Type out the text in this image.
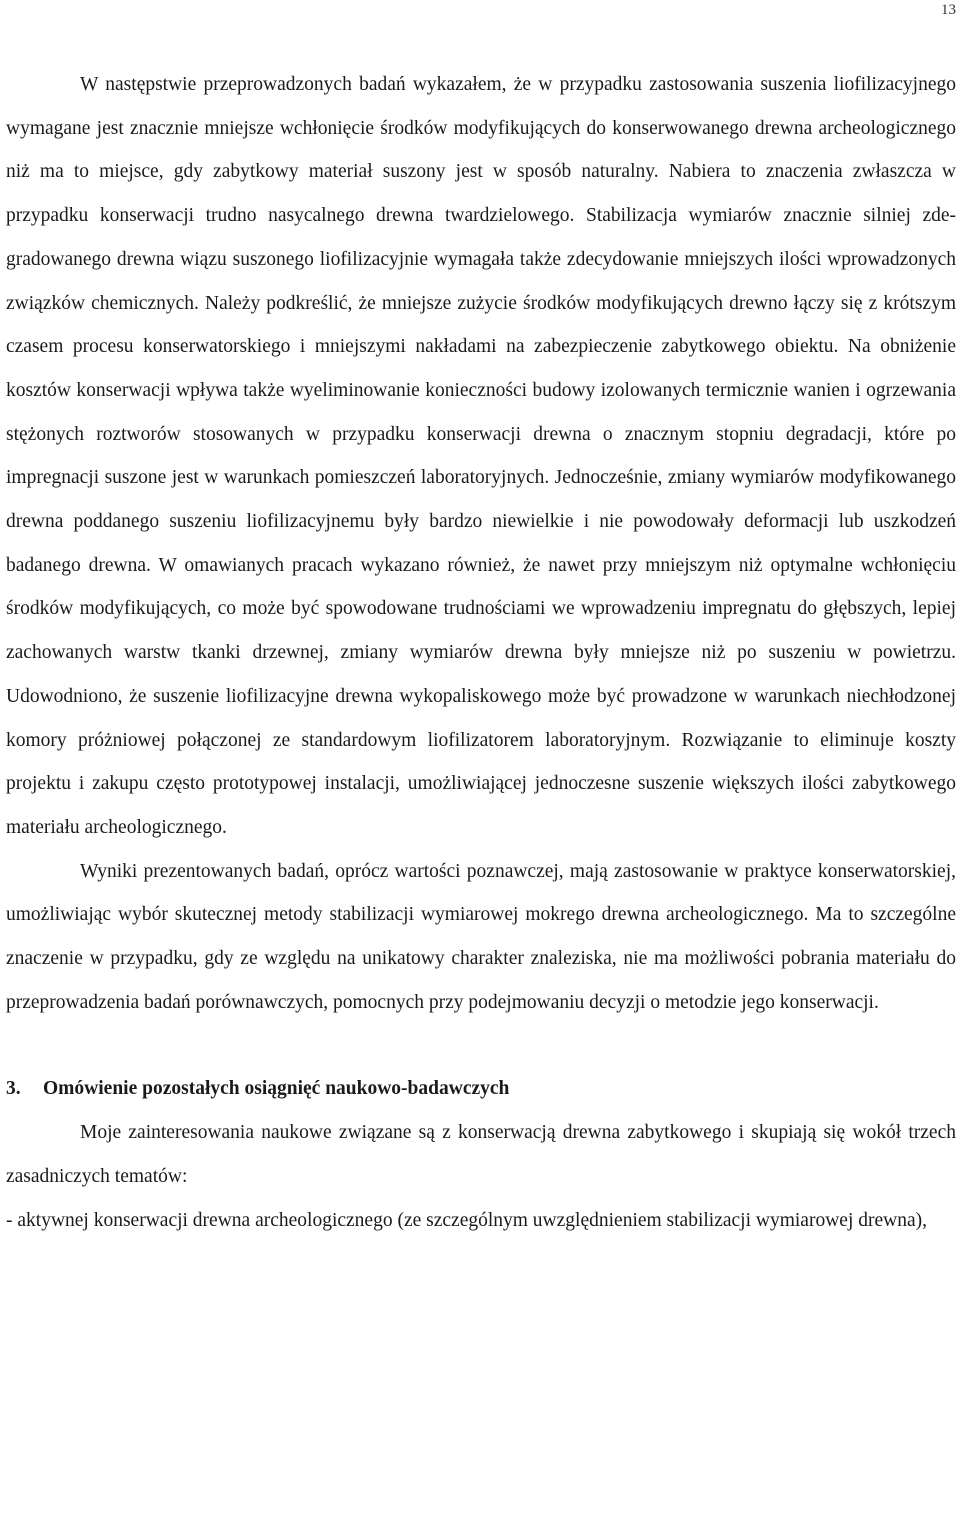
13

W następstwie przeprowadzonych badań wykazałem, że w przypadku zastosowania suszenia liofilizacyjnego wymagane jest znacznie mniejsze wchłonięcie środków modyfikujących do konserwowanego drewna archeologicznego niż ma to miejsce, gdy zabytkowy materiał suszony jest w sposób naturalny. Nabiera to znaczenia zwłaszcza w przypadku konserwacji trudno nasycalnego drewna twardzielowego. Stabilizacja wymiarów znacznie silniej zdegradowanego drewna wiązu suszonego liofilizacyjnie wymagała także zdecydowanie mniejszych ilości wprowadzonych związków chemicznych. Należy podkreślić, że mniejsze zużycie środków modyfikujących drewno łączy się z krótszym czasem procesu konserwatorskiego i mniejszymi nakładami na zabezpieczenie zabytkowego obiektu. Na obniżenie kosztów konserwacji wpływa także wyeliminowanie konieczności budowy izolowanych termicznie wanien i ogrzewania stężonych roztworów stosowanych w przypadku konserwacji drewna o znacznym stopniu degradacji, które po impregnacji suszone jest w warunkach pomieszczeń laboratoryjnych. Jednocześnie, zmiany wymiarów modyfikowanego drewna poddanego suszeniu liofilizacyjnemu były bardzo niewielkie i nie powodowały deformacji lub uszkodzeń badanego drewna. W omawianych pracach wykazano również, że nawet przy mniejszym niż optymalne wchłonięciu środków modyfikujących, co może być spowodowane trudnościami we wprowadzeniu impregnatu do głębszych, lepiej zachowanych warstw tkanki drzewnej, zmiany wymiarów drewna były mniejsze niż po suszeniu w powietrzu. Udowodniono, że suszenie liofilizacyjne drewna wykopaliskowego może być prowadzone w warunkach niechłodzonej komory próżniowej połączonej ze standardowym liofilizatorem laboratoryjnym. Rozwiązanie to eliminuje koszty projektu i zakupu często prototypowej instalacji, umożliwiającej jednoczesne suszenie większych ilości zabytkowego materiału archeologicznego.

Wyniki prezentowanych badań, oprócz wartości poznawczej, mają zastosowanie w praktyce konserwatorskiej, umożliwiając wybór skutecznej metody stabilizacji wymiarowej mokrego drewna archeologicznego. Ma to szczególne znaczenie w przypadku, gdy ze względu na unikatowy charakter znaleziska, nie ma możliwości pobrania materiału do przeprowadzenia badań porównawczych, pomocnych przy podejmowaniu decyzji o metodzie jego konserwacji.

3. Omówienie pozostałych osiągnięć naukowo-badawczych

Moje zainteresowania naukowe związane są z konserwacją drewna zabytkowego i skupiają się wokół trzech zasadniczych tematów:

- aktywnej konserwacji drewna archeologicznego (ze szczególnym uwzględnieniem stabilizacji wymiarowej drewna),
